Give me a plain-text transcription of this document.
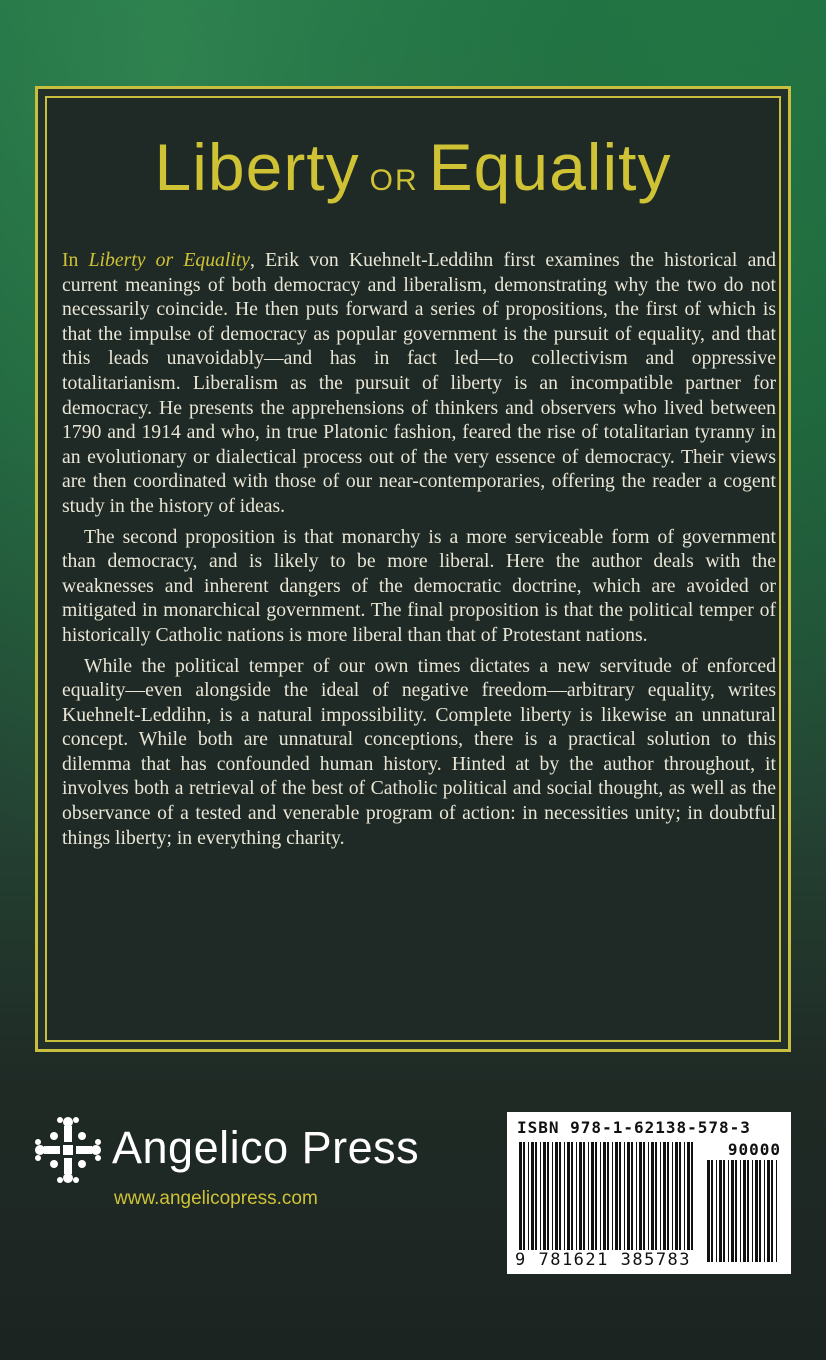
Liberty OR Equality

In Liberty or Equality, Erik von Kuehnelt-Leddihn first examines the historical and current meanings of both democracy and liberalism, demonstrating why the two do not necessarily coincide. He then puts forward a series of propositions, the first of which is that the impulse of democracy as popular government is the pursuit of equality, and that this leads unavoidably—and has in fact led—to collectivism and oppressive totalitarianism. Liberalism as the pursuit of liberty is an incompatible partner for democracy. He presents the apprehensions of thinkers and observers who lived between 1790 and 1914 and who, in true Platonic fashion, feared the rise of totalitarian tyranny in an evolutionary or dialectical process out of the very essence of democracy. Their views are then coordinated with those of our near-contemporaries, offering the reader a cogent study in the history of ideas.

The second proposition is that monarchy is a more serviceable form of government than democracy, and is likely to be more liberal. Here the author deals with the weaknesses and inherent dangers of the democratic doctrine, which are avoided or mitigated in monarchical government. The final proposition is that the political temper of historically Catholic nations is more liberal than that of Protestant nations.

While the political temper of our own times dictates a new servitude of enforced equality—even alongside the ideal of negative freedom—arbitrary equality, writes Kuehnelt-Leddihn, is a natural impossibility. Complete liberty is likewise an unnatural concept. While both are unnatural conceptions, there is a practical solution to this dilemma that has confounded human history. Hinted at by the author throughout, it involves both a retrieval of the best of Catholic political and social thought, as well as the observance of a tested and venerable program of action: in necessities unity; in doubtful things liberty; in everything charity.

Angelico Press
www.angelicopress.com
ISBN 978-1-62138-578-3
90000
9 781621 385783
